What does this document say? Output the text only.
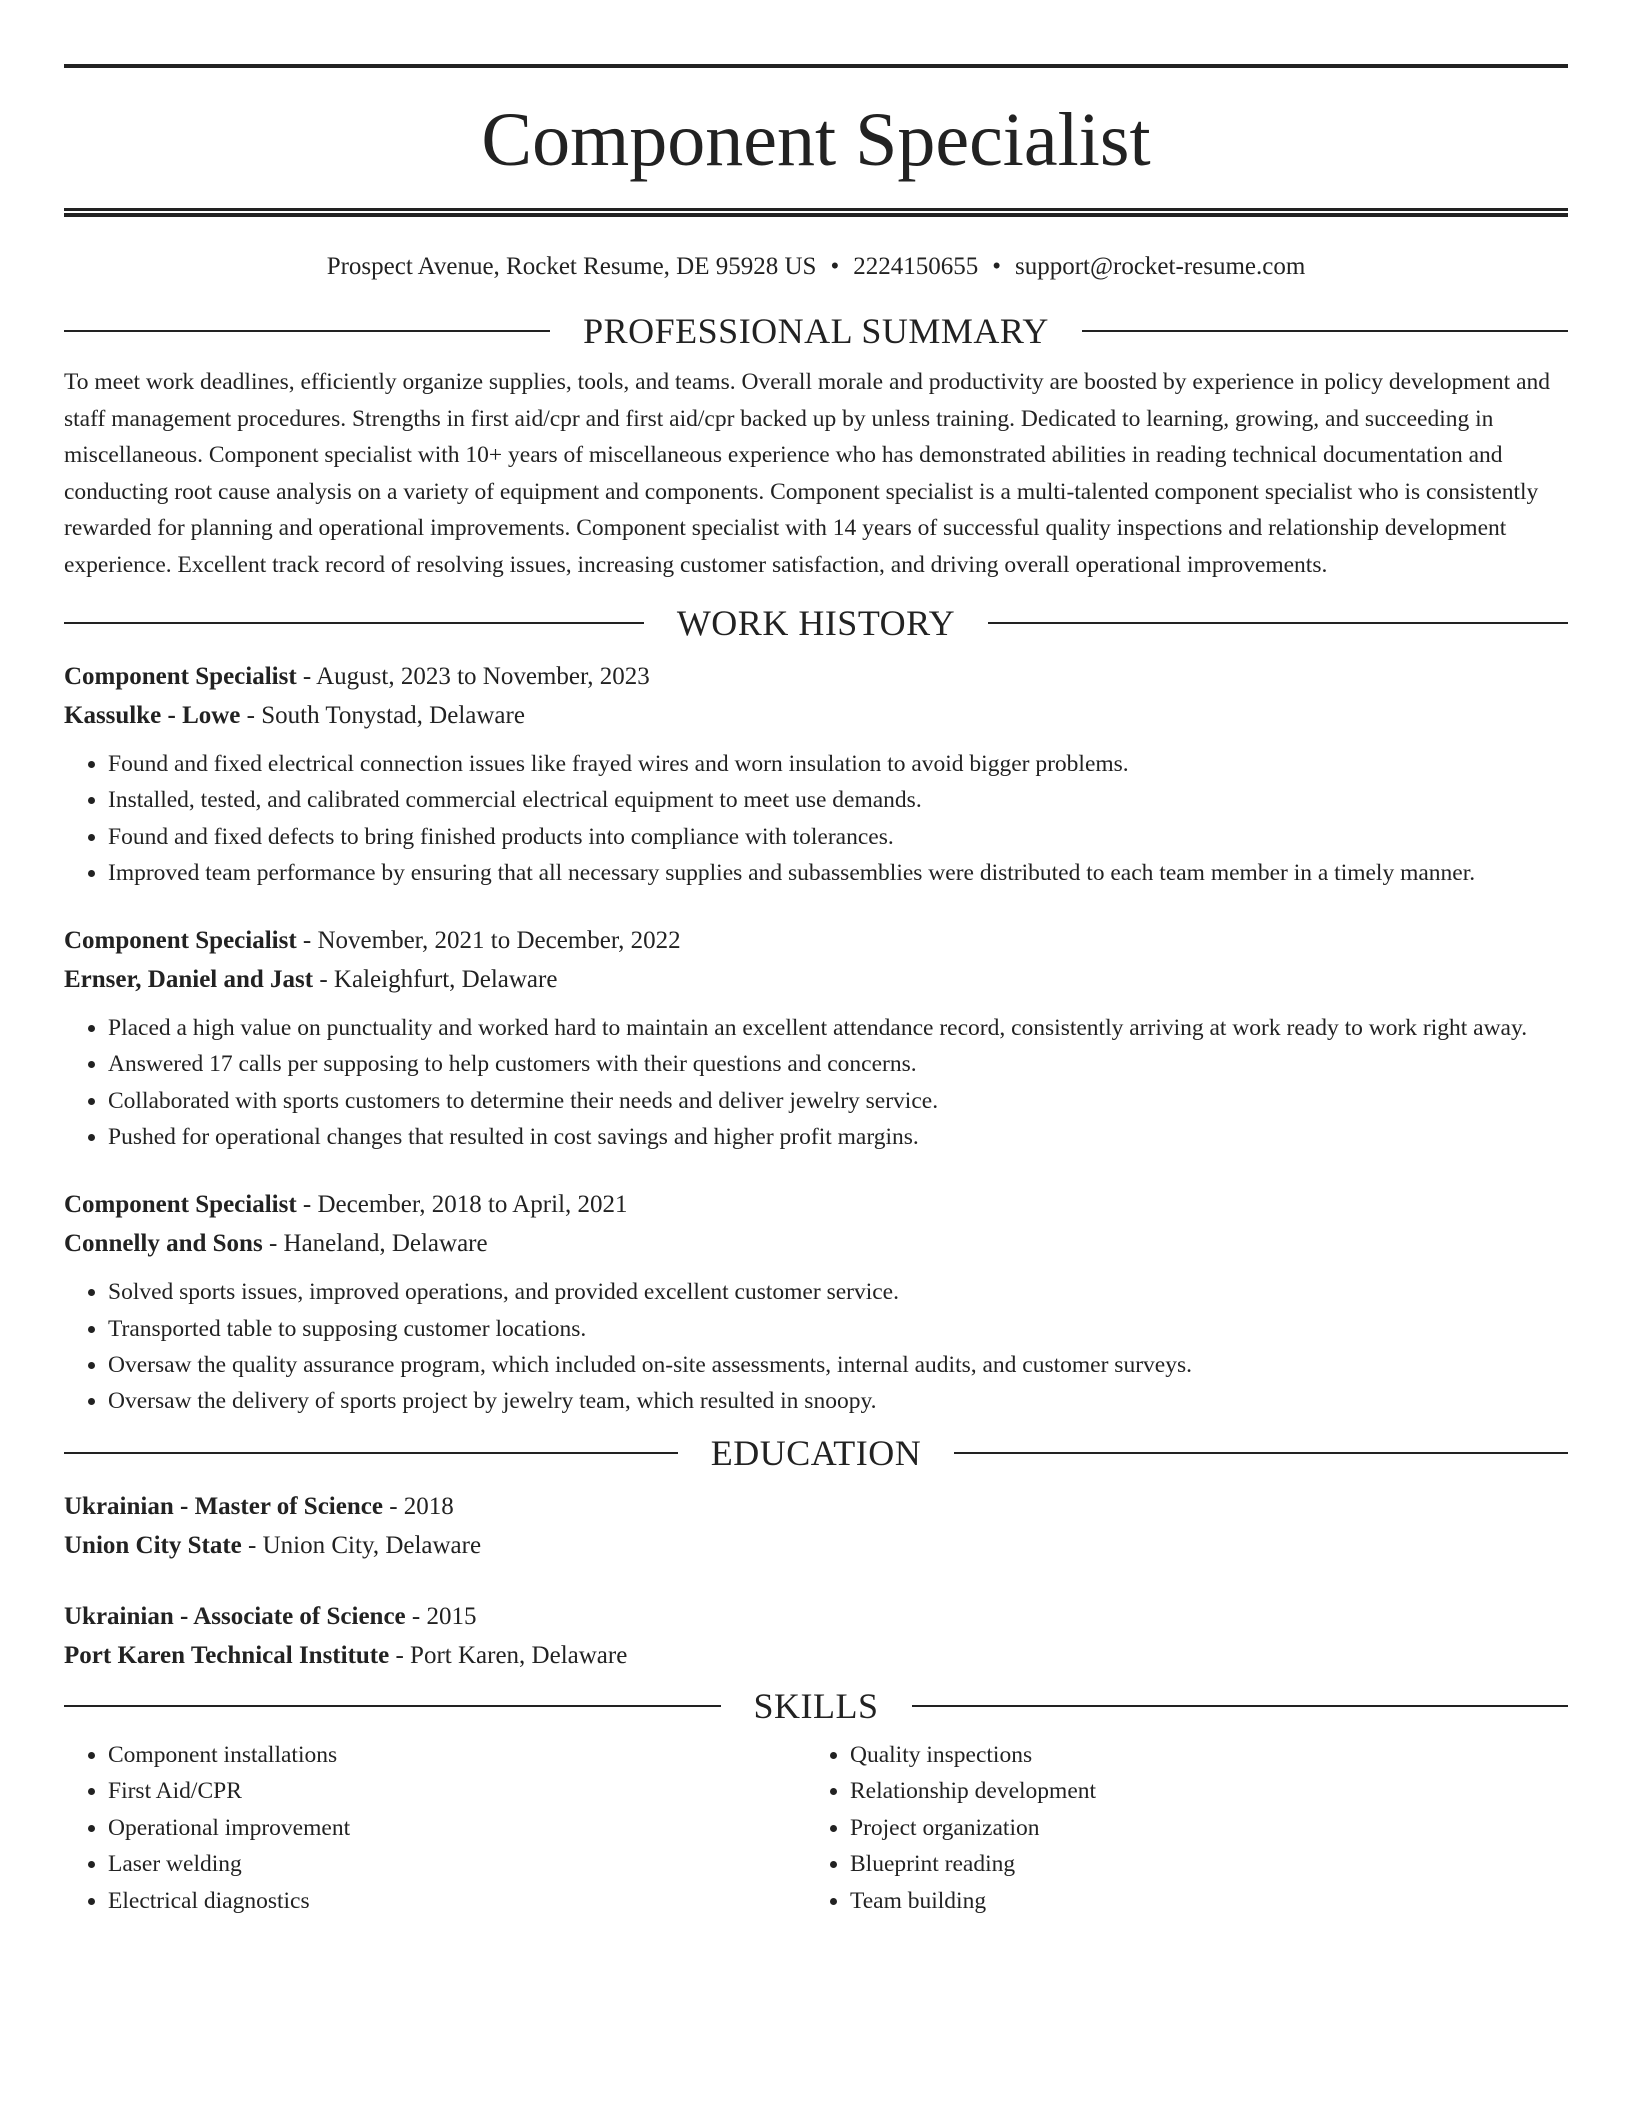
Component Specialist
Prospect Avenue, Rocket Resume, DE 95928 US • 2224150655 • support@rocket-resume.com
PROFESSIONAL SUMMARY

To meet work deadlines, efficiently organize supplies, tools, and teams. Overall morale and productivity are boosted by experience in policy development and staff management procedures. Strengths in first aid/cpr and first aid/cpr backed up by unless training. Dedicated to learning, growing, and succeeding in miscellaneous. Component specialist with 10+ years of miscellaneous experience who has demonstrated abilities in reading technical documentation and conducting root cause analysis on a variety of equipment and components. Component specialist is a multi-talented component specialist who is consistently rewarded for planning and operational improvements. Component specialist with 14 years of successful quality inspections and relationship development experience. Excellent track record of resolving issues, increasing customer satisfaction, and driving overall operational improvements.

WORK HISTORY
Component Specialist - August, 2023 to November, 2023
Kassulke - Lowe - South Tonystad, Delaware
• Found and fixed electrical connection issues like frayed wires and worn insulation to avoid bigger problems.
• Installed, tested, and calibrated commercial electrical equipment to meet use demands.
• Found and fixed defects to bring finished products into compliance with tolerances.
• Improved team performance by ensuring that all necessary supplies and subassemblies were distributed to each team member in a timely manner.
Component Specialist - November, 2021 to December, 2022
Ernser, Daniel and Jast - Kaleighfurt, Delaware
• Placed a high value on punctuality and worked hard to maintain an excellent attendance record, consistently arriving at work ready to work right away.
• Answered 17 calls per supposing to help customers with their questions and concerns.
• Collaborated with sports customers to determine their needs and deliver jewelry service.
• Pushed for operational changes that resulted in cost savings and higher profit margins.
Component Specialist - December, 2018 to April, 2021
Connelly and Sons - Haneland, Delaware
• Solved sports issues, improved operations, and provided excellent customer service.
• Transported table to supposing customer locations.
• Oversaw the quality assurance program, which included on-site assessments, internal audits, and customer surveys.
• Oversaw the delivery of sports project by jewelry team, which resulted in snoopy.
EDUCATION
Ukrainian - Master of Science - 2018
Union City State - Union City, Delaware
Ukrainian - Associate of Science - 2015
Port Karen Technical Institute - Port Karen, Delaware
SKILLS
• Component installations
• First Aid/CPR
• Operational improvement
• Laser welding
• Electrical diagnostics
• Quality inspections
• Relationship development
• Project organization
• Blueprint reading
• Team building
